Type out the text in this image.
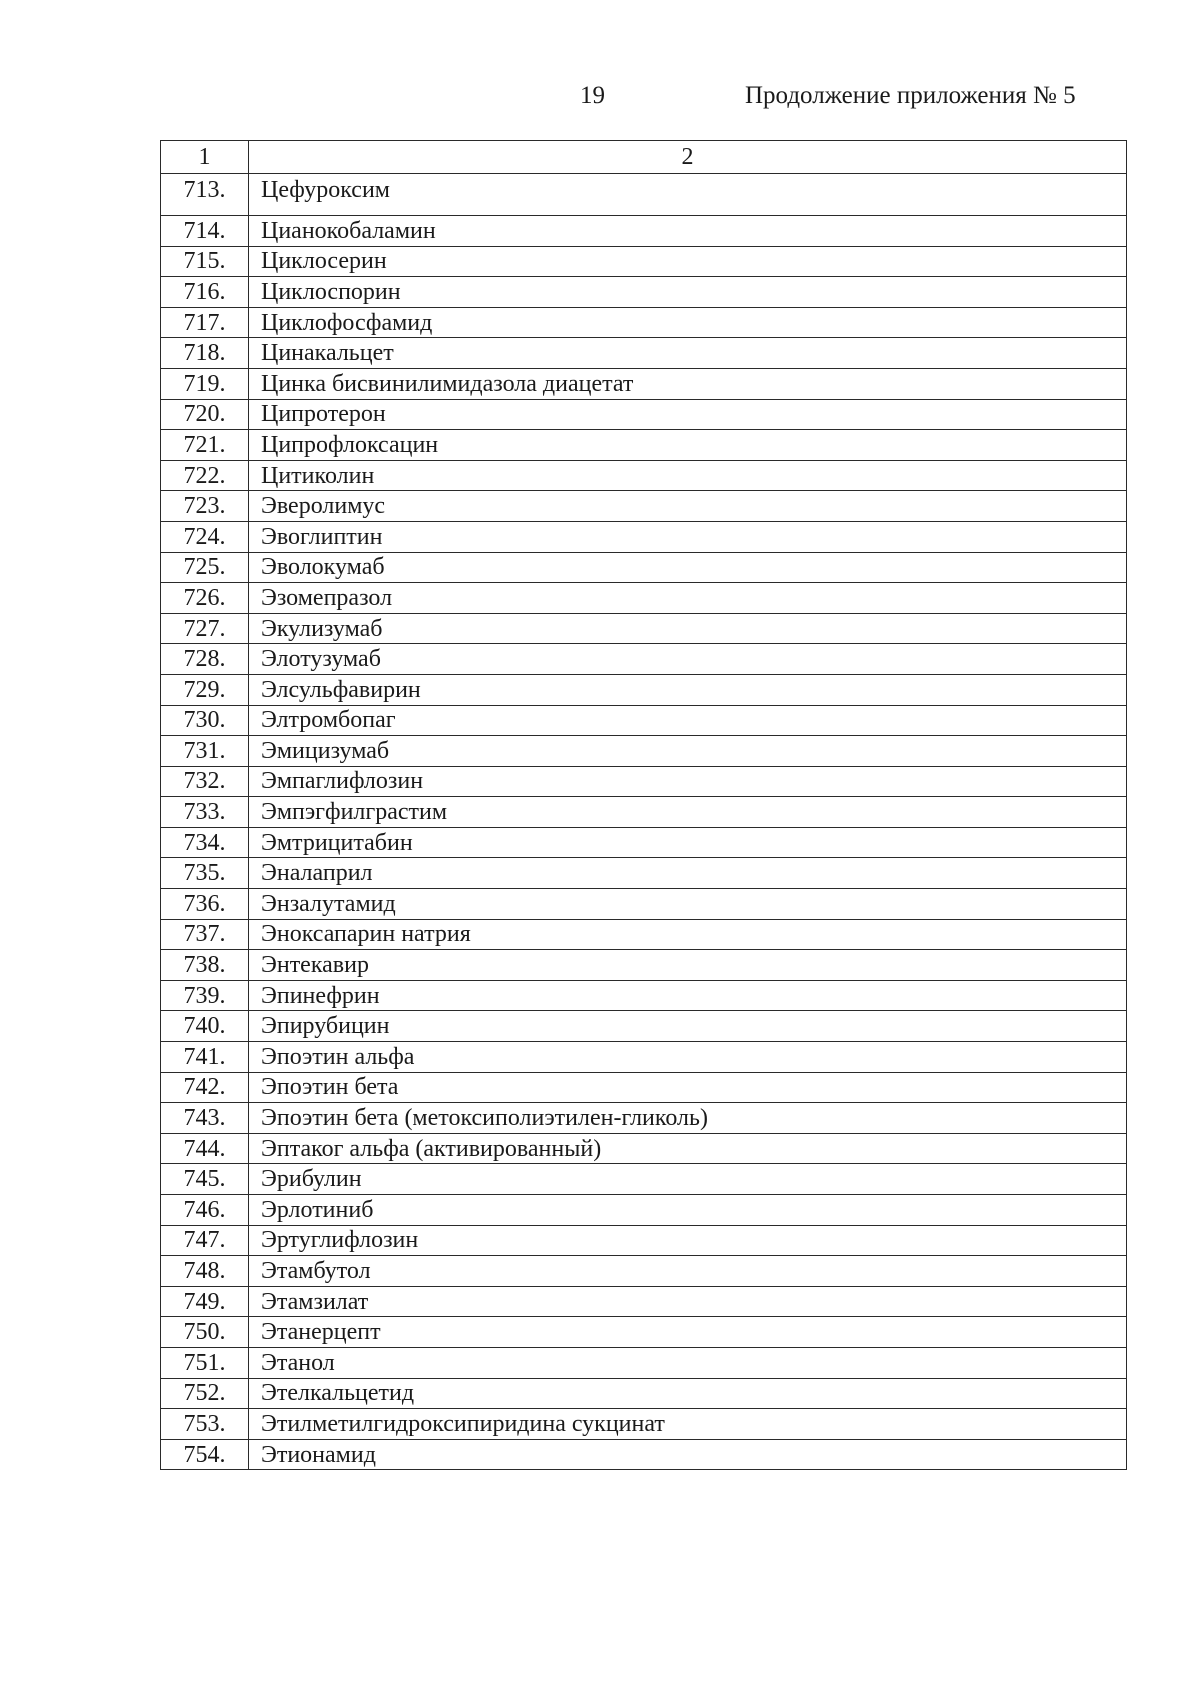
19	Продолжение приложения № 5
1	2
713.	Цефуроксим
714.	Цианокобаламин
715.	Циклосерин
716.	Циклоспорин
717.	Циклофосфамид
718.	Цинакальцет
719.	Цинка бисвинилимидазола диацетат
720.	Ципротерон
721.	Ципрофлоксацин
722.	Цитиколин
723.	Эверолимус
724.	Эвоглиптин
725.	Эволокумаб
726.	Эзомепразол
727.	Экулизумаб
728.	Элотузумаб
729.	Элсульфавирин
730.	Элтромбопаг
731.	Эмицизумаб
732.	Эмпаглифлозин
733.	Эмпэгфилграстим
734.	Эмтрицитабин
735.	Эналаприл
736.	Энзалутамид
737.	Эноксапарин натрия
738.	Энтекавир
739.	Эпинефрин
740.	Эпирубицин
741.	Эпоэтин альфа
742.	Эпоэтин бета
743.	Эпоэтин бета (метоксиполиэтилен-гликоль)
744.	Эптаког альфа (активированный)
745.	Эрибулин
746.	Эрлотиниб
747.	Эртуглифлозин
748.	Этамбутол
749.	Этамзилат
750.	Этанерцепт
751.	Этанол
752.	Этелкальцетид
753.	Этилметилгидроксипиридина сукцинат
754.	Этионамид
